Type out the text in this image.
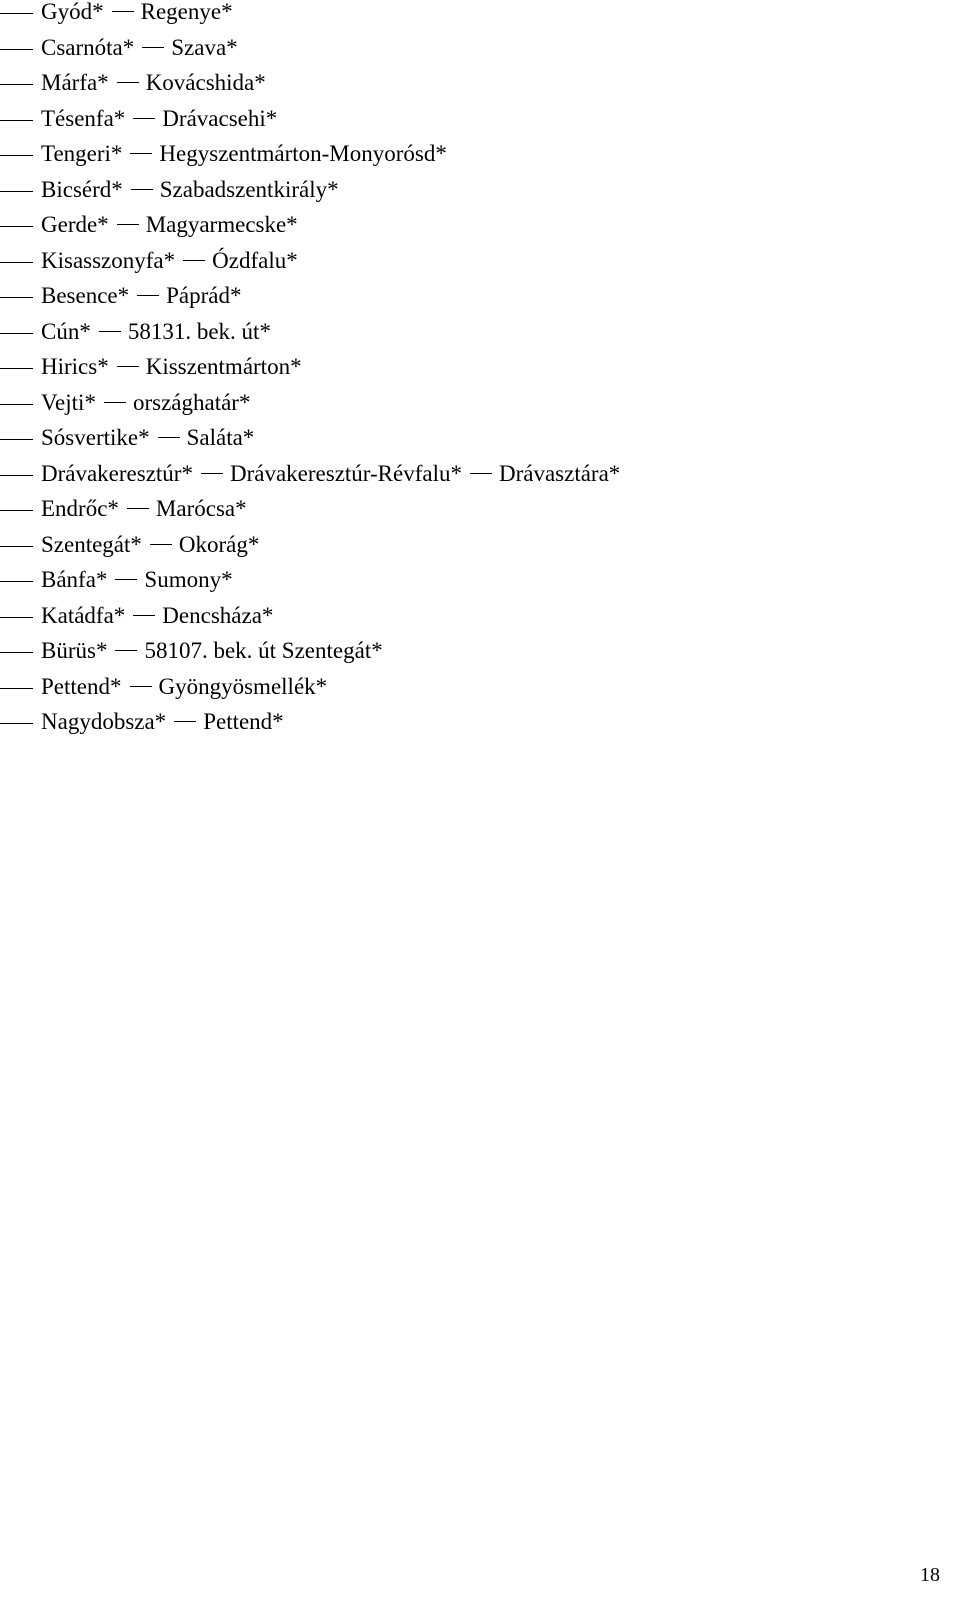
Gyód* Regenye*
Csarnóta* Szava*
Márfa* Kovácshida*
Tésenfa* Drávacsehi*
Tengeri* Hegyszentmárton-Monyorósd*
Bicsérd* Szabadszentkirály*
Gerde* Magyarmecske*
Kisasszonyfa* Ózdfalu*
Besence* Páprád*
Cún* 58131. bek. út*
Hirics* Kisszentmárton*
Vejti* országhatár*
Sósvertike* Saláta*
Drávakeresztúr* Drávakeresztúr-Révfalu* Drávasztára*
Endrőc* Marócsa*
Szentegát* Okorág*
Bánfa* Sumony*
Katádfa* Dencsháza*
Bürüs* 58107. bek. út Szentegát*
Pettend* Gyöngyösmellék*
Nagydobsza* Pettend*
18
